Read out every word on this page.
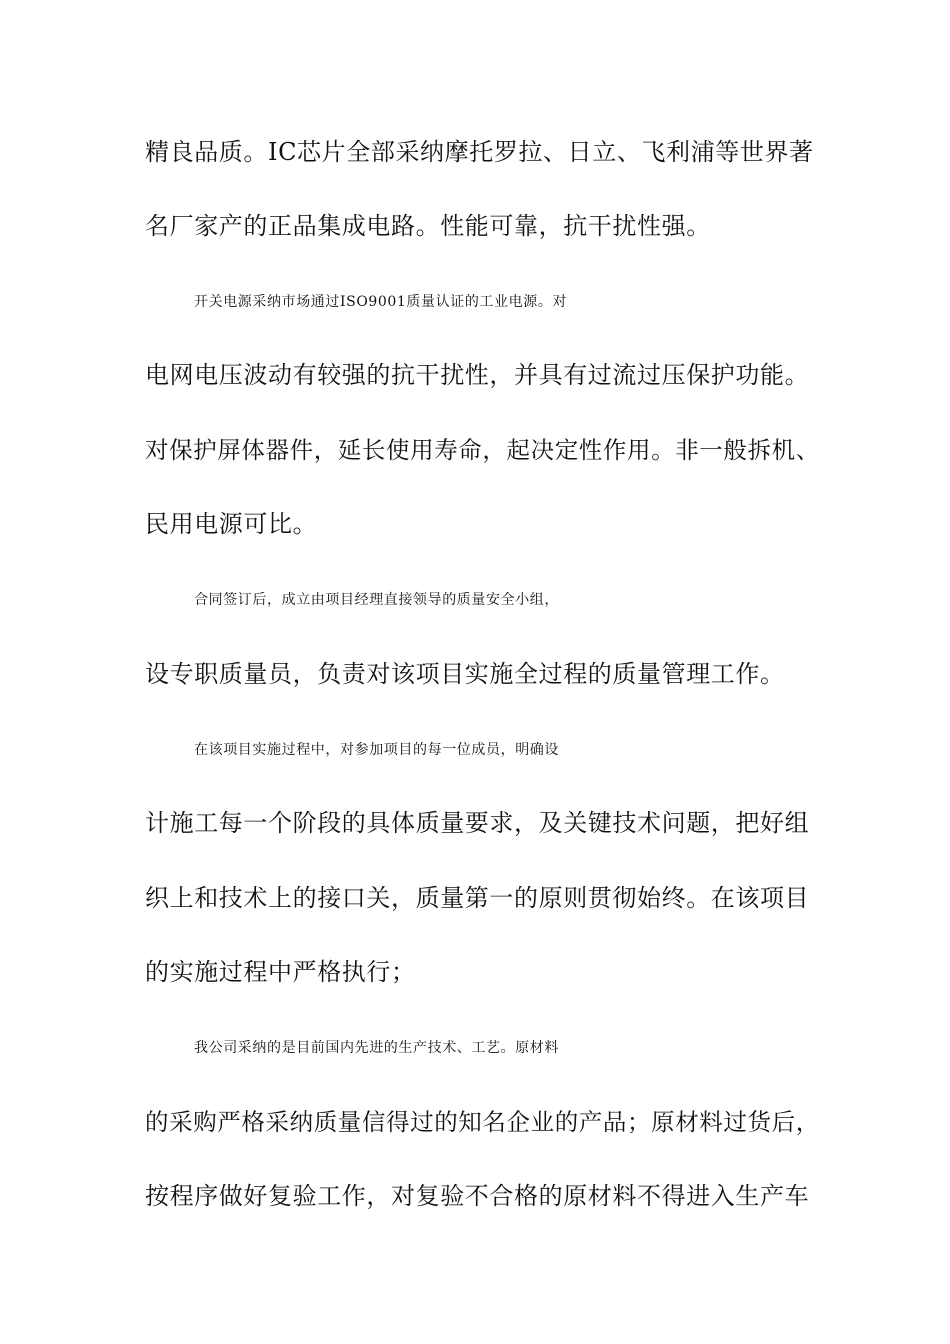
精良品质。IC芯片全部采纳摩托罗拉、日立、飞利浦等世界著
名厂家产的正品集成电路。性能可靠，抗干扰性强。
开关电源采纳市场通过ISO9001质量认证的工业电源。对
电网电压波动有较强的抗干扰性，并具有过流过压保护功能。
对保护屏体器件，延长使用寿命，起决定性作用。非一般拆机、
民用电源可比。
合同签订后，成立由项目经理直接领导的质量安全小组，
设专职质量员，负责对该项目实施全过程的质量管理工作。
在该项目实施过程中，对参加项目的每一位成员，明确设
计施工每一个阶段的具体质量要求，及关键技术问题，把好组
织上和技术上的接口关，质量第一的原则贯彻始终。在该项目
的实施过程中严格执行；
我公司采纳的是目前国内先进的生产技术、工艺。原材料
的采购严格采纳质量信得过的知名企业的产品；原材料过货后，
按程序做好复验工作，对复验不合格的原材料不得进入生产车
